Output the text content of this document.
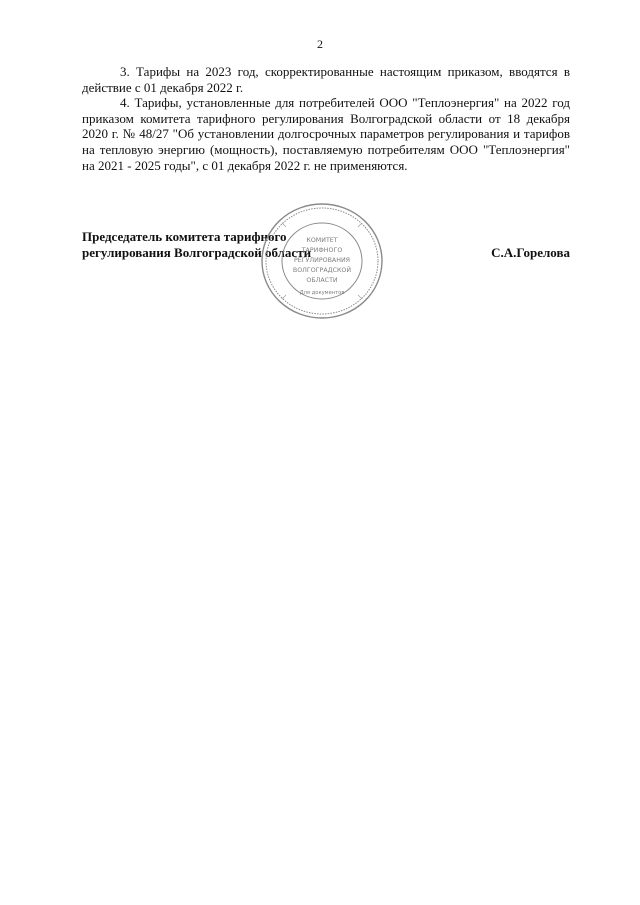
2

3. Тарифы на 2023 год, скорректированные настоящим приказом, вводятся в действие с 01 декабря 2022 г.

4. Тарифы, установленные для потребителей ООО "Теплоэнергия" на 2022 год приказом комитета тарифного регулирования Волгоградской области от 18 декабря 2020 г. № 48/27 "Об установлении долгосрочных параметров регулирования и тарифов на тепловую энергию (мощность), поставляемую потребителям ООО "Теплоэнергия" на 2021 - 2025 годы", с 01 декабря 2022 г. не применяются.

Председатель комитета тарифного
регулирования Волгоградской области	С.А.Горелова
КОМИТЕТ
ТАРИФНОГО
РЕГУЛИРОВАНИЯ
ВОЛГОГРАДСКОЙ
ОБЛАСТИ
Для документов
